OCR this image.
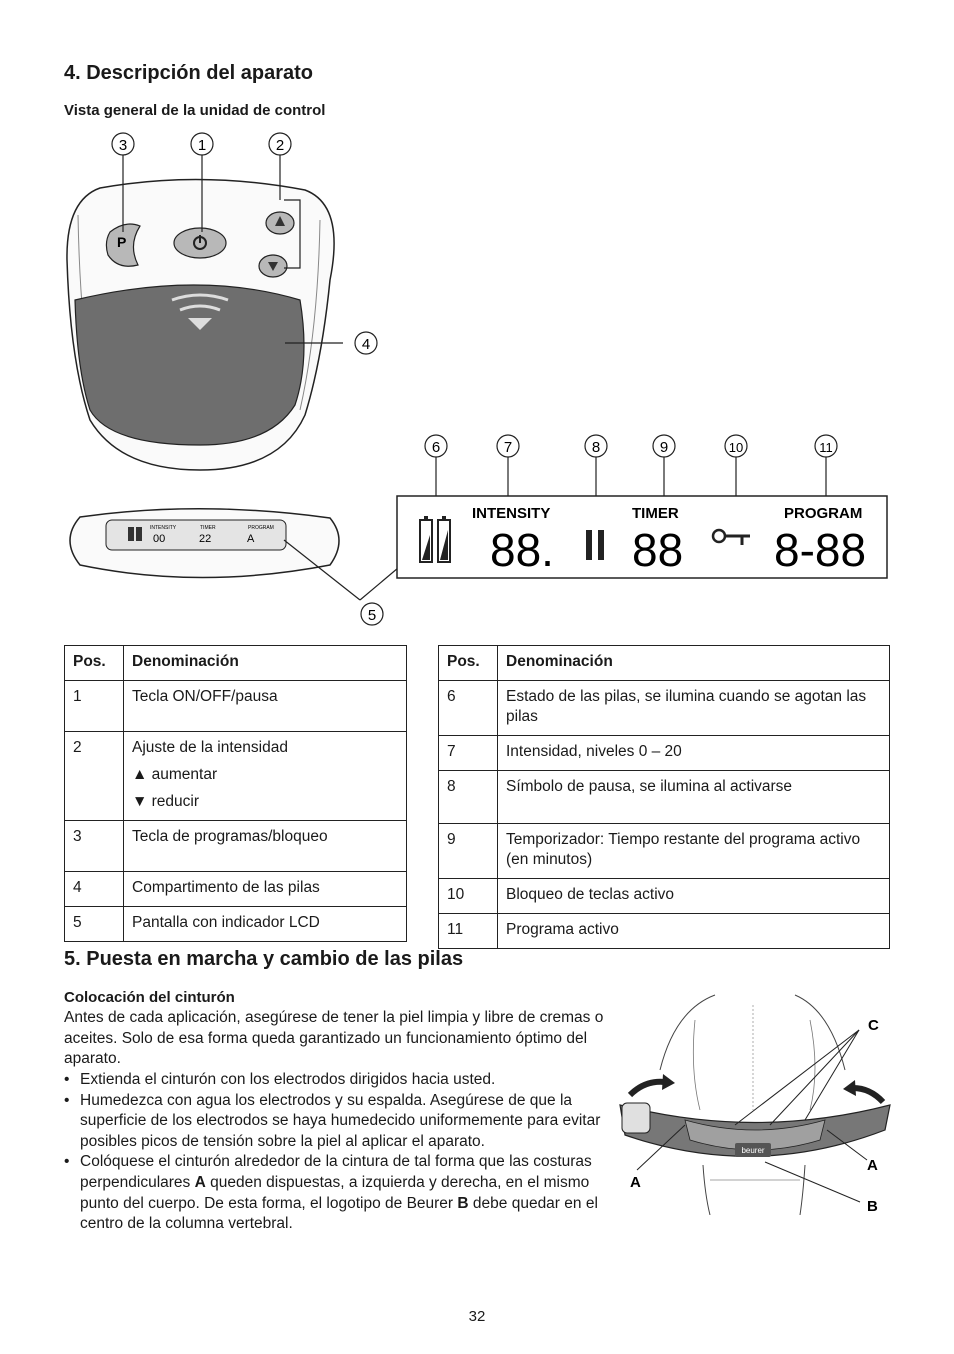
4. Descripción del aparato
Vista general de la unidad de control
3	1	2
P
4
INTENSITY	TIMER	PROGRAM
00	22	A
5
6	7	8	9	10	11
INTENSITY	TIMER	PROGRAM
88. 88 8-88
Pos.	Denominación
1	Tecla ON/OFF/pausa
2	Ajuste de la intensidad
▲ aumentar
▼ reducir

3	Tecla de programas/bloqueo
4	Compartimento de las pilas
5	Pantalla con indicador LCD
Pos.	Denominación
6	Estado de las pilas, se ilumina cuando se agotan las pilas
7	Intensidad, niveles 0 – 20
8	Símbolo de pausa, se ilumina al activarse
9	Temporizador: Tiempo restante del programa activo (en minutos)
10	Bloqueo de teclas activo
11	Programa activo
5. Puesta en marcha y cambio de las pilas
Colocación del cinturón
Antes de cada aplicación, asegúrese de tener la piel limpia y libre de cremas o aceites. Solo de esa forma queda garantizado un funcionamiento óptimo del aparato.
• Extienda el cinturón con los electrodos dirigidos hacia usted.
• Humedezca con agua los electrodos y su espalda. Asegúrese de que la superficie de los electrodos se haya humedecido uniformemente para evitar posibles picos de tensión sobre la piel al aplicar el aparato.
• Colóquese el cinturón alrededor de la cintura de tal forma que las costuras perpendiculares A queden dispuestas, a izquierda y derecha, en el mismo punto del cuerpo. De esta forma, el logotipo de Beurer B debe quedar en el centro de la columna vertebral.
beurer
C
A
A
B
32
